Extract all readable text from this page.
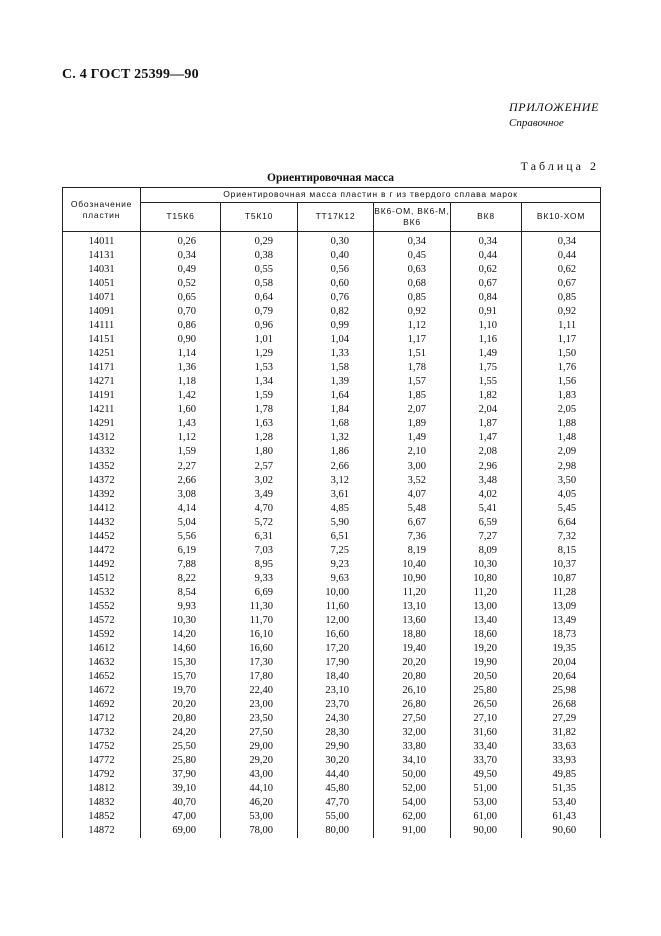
С. 4 ГОСТ 25399—90
ПРИЛОЖЕНИЕ
Справочное
Таблица 2
Ориентировочная масса
Обозначение пластин	Ориентировочная масса пластин в г из твердого сплава марок					
	Т15К6	Т5К10	ТТ17К12	ВК6-ОМ, ВК6-М, ВК6	ВК8	ВК10-ХОМ
14011	0,26	0,29	0,30	0,34	0,34	0,34
14131	0,34	0,38	0,40	0,45	0,44	0,44
14031	0,49	0,55	0,56	0,63	0,62	0,62
14051	0,52	0,58	0,60	0,68	0,67	0,67
14071	0,65	0,64	0,76	0,85	0,84	0,85
14091	0,70	0,79	0,82	0,92	0,91	0,92
14111	0,86	0,96	0,99	1,12	1,10	1,11
14151	0,90	1,01	1,04	1,17	1,16	1,17
14251	1,14	1,29	1,33	1,51	1,49	1,50
14171	1,36	1,53	1,58	1,78	1,75	1,76
14271	1,18	1,34	1,39	1,57	1,55	1,56
14191	1,42	1,59	1,64	1,85	1,82	1,83
14211	1,60	1,78	1,84	2,07	2,04	2,05
14291	1,43	1,63	1,68	1,89	1,87	1,88
14312	1,12	1,28	1,32	1,49	1,47	1,48
14332	1,59	1,80	1,86	2,10	2,08	2,09
14352	2,27	2,57	2,66	3,00	2,96	2,98
14372	2,66	3,02	3,12	3,52	3,48	3,50
14392	3,08	3,49	3,61	4,07	4,02	4,05
14412	4,14	4,70	4,85	5,48	5,41	5,45
14432	5,04	5,72	5,90	6,67	6,59	6,64
14452	5,56	6,31	6,51	7,36	7,27	7,32
14472	6,19	7,03	7,25	8,19	8,09	8,15
14492	7,88	8,95	9,23	10,40	10,30	10,37
14512	8,22	9,33	9,63	10,90	10,80	10,87
14532	8,54	6,69	10,00	11,20	11,20	11,28
14552	9,93	11,30	11,60	13,10	13,00	13,09
14572	10,30	11,70	12,00	13,60	13,40	13,49
14592	14,20	16,10	16,60	18,80	18,60	18,73
14612	14,60	16,60	17,20	19,40	19,20	19,35
14632	15,30	17,30	17,90	20,20	19,90	20,04
14652	15,70	17,80	18,40	20,80	20,50	20,64
14672	19,70	22,40	23,10	26,10	25,80	25,98
14692	20,20	23,00	23,70	26,80	26,50	26,68
14712	20,80	23,50	24,30	27,50	27,10	27,29
14732	24,20	27,50	28,30	32,00	31,60	31,82
14752	25,50	29,00	29,90	33,80	33,40	33,63
14772	25,80	29,20	30,20	34,10	33,70	33,93
14792	37,90	43,00	44,40	50,00	49,50	49,85
14812	39,10	44,10	45,80	52,00	51,00	51,35
14832	40,70	46,20	47,70	54,00	53,00	53,40
14852	47,00	53,00	55,00	62,00	61,00	61,43
14872	69,00	78,00	80,00	91,00	90,00	90,60
